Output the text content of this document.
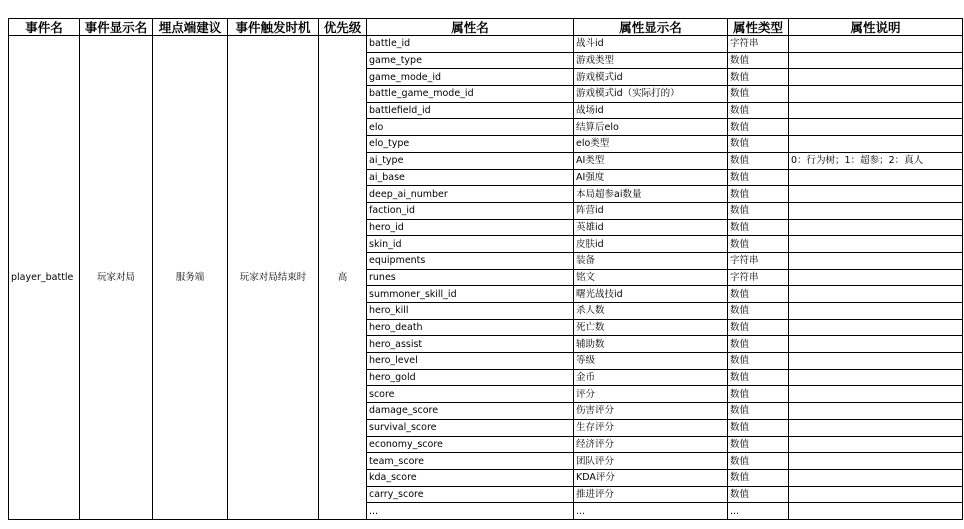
事件名	事件显示名	埋点端建议	事件触发时机	优先级	属性名	属性显示名	属性类型	属性说明
player_battle	玩家对局	服务端	玩家对局结束时	高	battle_id	战斗id	字符串	
					game_type	游戏类型	数值	
					game_mode_id	游戏模式id	数值	
					battle_game_mode_id	游戏模式id（实际打的）	数值	
					battlefield_id	战场id	数值	
					elo	结算后elo	数值	
					elo_type	elo类型	数值	
					ai_type	AI类型	数值	0：行为树；1：超参；2：真人
					ai_base	AI强度	数值	
					deep_ai_number	本局超参ai数量	数值	
					faction_id	阵营id	数值	
					hero_id	英雄id	数值	
					skin_id	皮肤id	数值	
					equipments	装备	字符串	
					runes	铭文	字符串	
					summoner_skill_id	曙光战技id	数值	
					hero_kill	杀人数	数值	
					hero_death	死亡数	数值	
					hero_assist	辅助数	数值	
					hero_level	等级	数值	
					hero_gold	金币	数值	
					score	评分	数值	
					damage_score	伤害评分	数值	
					survival_score	生存评分	数值	
					economy_score	经济评分	数值	
					team_score	团队评分	数值	
					kda_score	KDA评分	数值	
					carry_score	推进评分	数值	
					...	...	...	
